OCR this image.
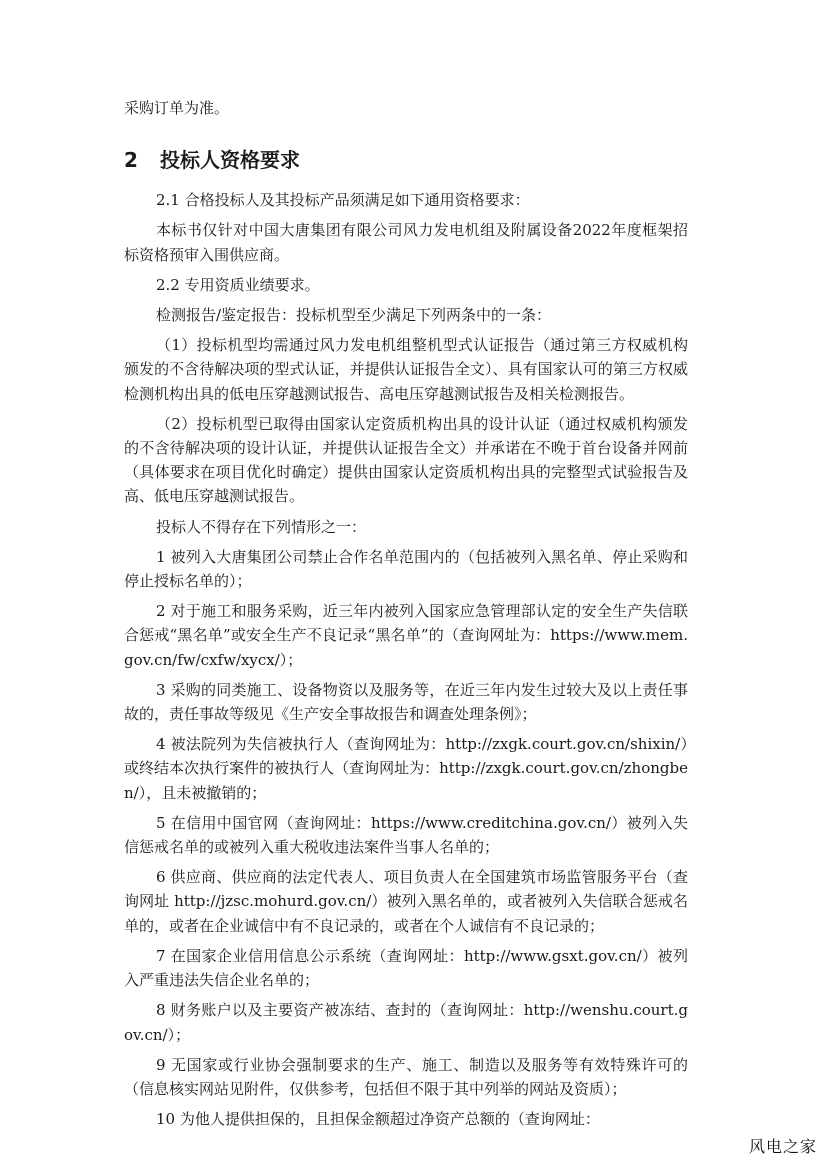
采购订单为准。

2	投标人资格要求

2.1 合格投标人及其投标产品须满足如下通用资格要求：

本标书仅针对中国大唐集团有限公司风力发电机组及附属设备2022年度框架招标资格预审入围供应商。

2.2 专用资质业绩要求。

检测报告/鉴定报告：投标机型至少满足下列两条中的一条：

（1）投标机型均需通过风力发电机组整机型式认证报告（通过第三方权威机构颁发的不含待解决项的型式认证，并提供认证报告全文）、具有国家认可的第三方权威检测机构出具的低电压穿越测试报告、高电压穿越测试报告及相关检测报告。

（2）投标机型已取得由国家认定资质机构出具的设计认证（通过权威机构颁发的不含待解决项的设计认证，并提供认证报告全文）并承诺在不晚于首台设备并网前（具体要求在项目优化时确定）提供由国家认定资质机构出具的完整型式试验报告及高、低电压穿越测试报告。

投标人不得存在下列情形之一：

1 被列入大唐集团公司禁止合作名单范围内的（包括被列入黑名单、停止采购和停止授标名单的）；

2 对于施工和服务采购，近三年内被列入国家应急管理部认定的安全生产失信联合惩戒“黑名单”或安全生产不良记录“黑名单”的（查询网址为：https://www.mem.gov.cn/fw/cxfw/xycx/）；

3 采购的同类施工、设备物资以及服务等，在近三年内发生过较大及以上责任事故的，责任事故等级见《生产安全事故报告和调查处理条例》；

4 被法院列为失信被执行人（查询网址为：http://zxgk.court.gov.cn/shixin/）或终结本次执行案件的被执行人（查询网址为：http://zxgk.court.gov.cn/zhongben/），且未被撤销的；

5 在信用中国官网（查询网址：https://www.creditchina.gov.cn/）被列入失信惩戒名单的或被列入重大税收违法案件当事人名单的；

6 供应商、供应商的法定代表人、项目负责人在全国建筑市场监管服务平台（查询网址 http://jzsc.mohurd.gov.cn/）被列入黑名单的，或者被列入失信联合惩戒名单的，或者在企业诚信中有不良记录的，或者在个人诚信有不良记录的；

7 在国家企业信用信息公示系统（查询网址：http://www.gsxt.gov.cn/）被列入严重违法失信企业名单的；

8 财务账户以及主要资产被冻结、查封的（查询网址：http://wenshu.court.gov.cn/）；

9 无国家或行业协会强制要求的生产、施工、制造以及服务等有效特殊许可的（信息核实网站见附件，仅供参考，包括但不限于其中列举的网站及资质）；

10 为他人提供担保的，且担保金额超过净资产总额的（查询网址：

风电之家
